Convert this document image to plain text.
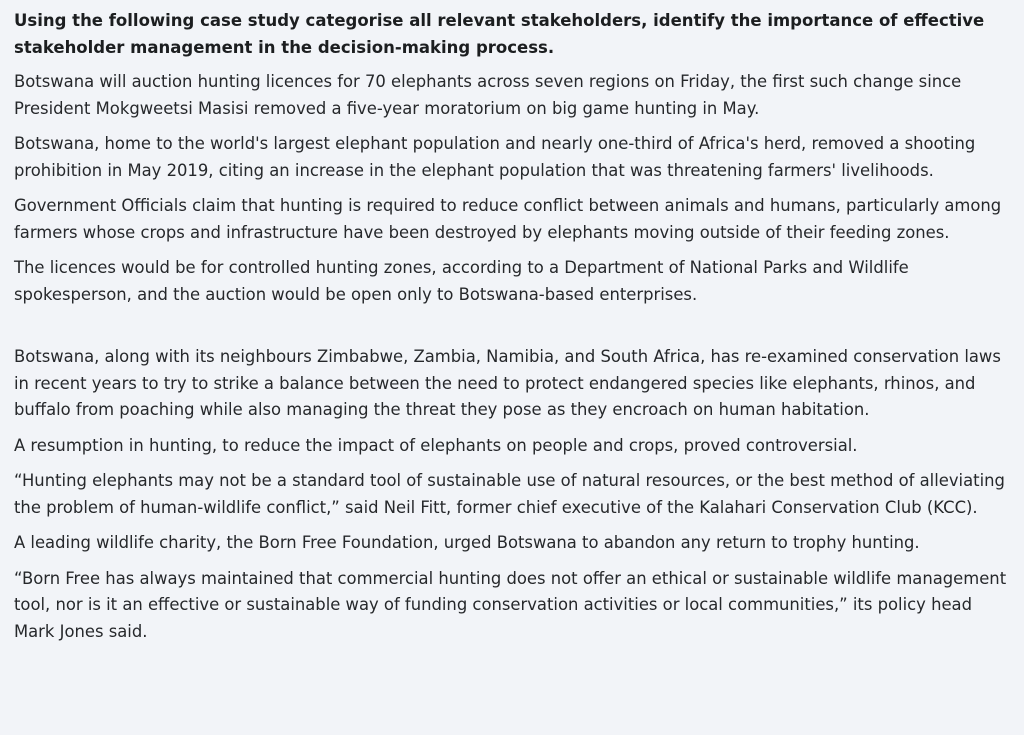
Using the following case study categorise all relevant stakeholders, identify the importance of effective stakeholder management in the decision-making process.

Botswana will auction hunting licences for 70 elephants across seven regions on Friday, the first such change since President Mokgweetsi Masisi removed a five-year moratorium on big game hunting in May.

Botswana, home to the world's largest elephant population and nearly one-third of Africa's herd, removed a shooting prohibition in May 2019, citing an increase in the elephant population that was threatening farmers' livelihoods.

Government Officials claim that hunting is required to reduce conflict between animals and humans, particularly among farmers whose crops and infrastructure have been destroyed by elephants moving outside of their feeding zones.

The licences would be for controlled hunting zones, according to a Department of National Parks and Wildlife spokesperson, and the auction would be open only to Botswana-based enterprises.

Botswana, along with its neighbours Zimbabwe, Zambia, Namibia, and South Africa, has re-examined conservation laws in recent years to try to strike a balance between the need to protect endangered species like elephants, rhinos, and buffalo from poaching while also managing the threat they pose as they encroach on human habitation.

A resumption in hunting, to reduce the impact of elephants on people and crops, proved controversial.

“Hunting elephants may not be a standard tool of sustainable use of natural resources, or the best method of alleviating the problem of human-wildlife conflict,” said Neil Fitt, former chief executive of the Kalahari Conservation Club (KCC).

A leading wildlife charity, the Born Free Foundation, urged Botswana to abandon any return to trophy hunting.

“Born Free has always maintained that commercial hunting does not offer an ethical or sustainable wildlife management tool, nor is it an effective or sustainable way of funding conservation activities or local communities,” its policy head Mark Jones said.
